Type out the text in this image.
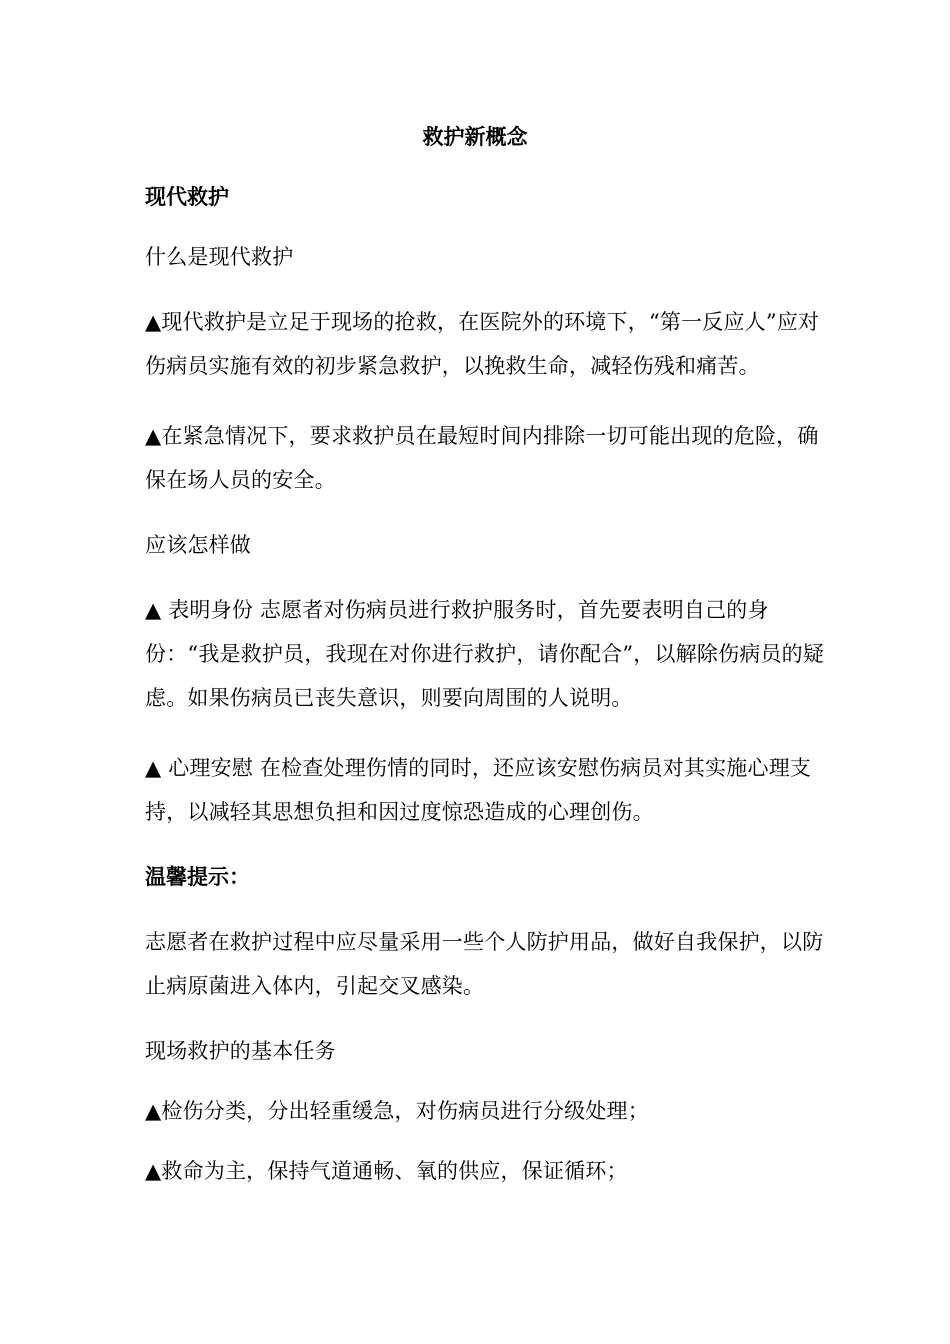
救护新概念
现代救护
什么是现代救护
▲现代救护是立足于现场的抢救，在医院外的环境下，“第一反应人”应对伤病员实施有效的初步紧急救护，以挽救生命，减轻伤残和痛苦。
▲在紧急情况下，要求救护员在最短时间内排除一切可能出现的危险，确保在场人员的安全。
应该怎样做
▲ 表明身份 志愿者对伤病员进行救护服务时，首先要表明自己的身份：“我是救护员，我现在对你进行救护，请你配合”，以解除伤病员的疑虑。如果伤病员已丧失意识，则要向周围的人说明。
▲ 心理安慰 在检查处理伤情的同时，还应该安慰伤病员对其实施心理支持，以减轻其思想负担和因过度惊恐造成的心理创伤。
温馨提示：
志愿者在救护过程中应尽量采用一些个人防护用品，做好自我保护，以防止病原菌进入体内，引起交叉感染。
现场救护的基本任务
▲检伤分类，分出轻重缓急，对伤病员进行分级处理；
▲救命为主，保持气道通畅、氧的供应，保证循环；
